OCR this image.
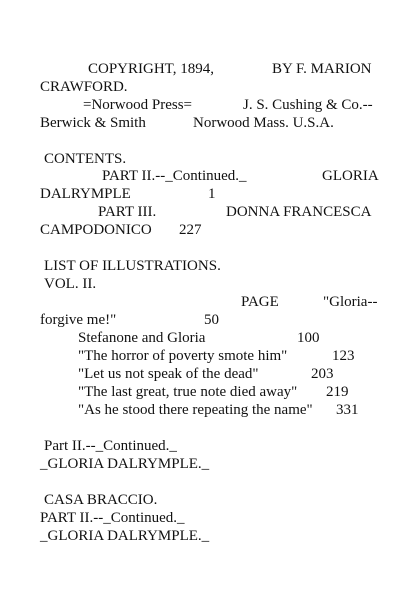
COPYRIGHT, 1894,	BY F. MARION
CRAWFORD.
=Norwood Press=	J. S. Cushing & Co.--
Berwick & Smith	Norwood Mass. U.S.A.
CONTENTS.
PART II.--_Continued._	GLORIA
DALRYMPLE	1
PART III.	DONNA FRANCESCA
CAMPODONICO 227
LIST OF ILLUSTRATIONS.
VOL. II.
PAGE	"Gloria--
forgive me!"	50
Stefanone and Gloria	100
"The horror of poverty smote him"	123
"Let us not speak of the dead"	203
"The last great, true note died away" 219
"As he stood there repeating the name" 331
Part II.--_Continued._
_GLORIA DALRYMPLE._
CASA BRACCIO.
PART II.--_Continued._
_GLORIA DALRYMPLE._
